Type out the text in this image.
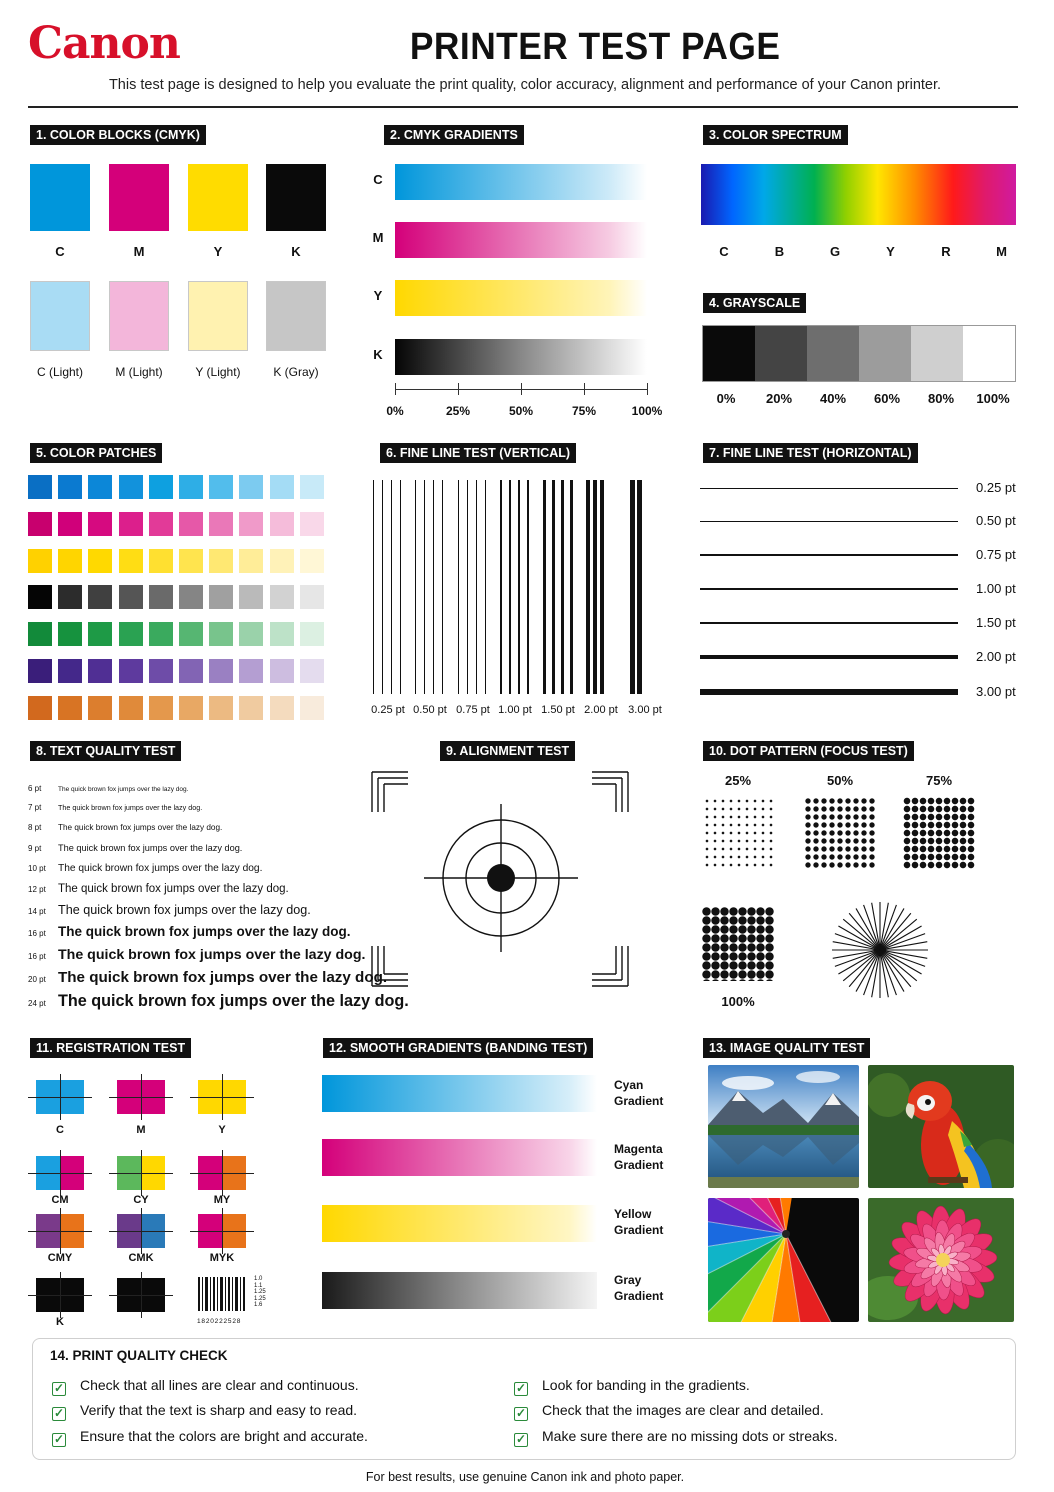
Canon	PRINTER TEST PAGE
This test page is designed to help you evaluate the print quality, color accuracy, alignment and performance of your Canon printer.
1. COLOR BLOCKS (CMYK)
C	M	Y	K
C (Light)	M (Light)	Y (Light)	K (Gray)
2. CMYK GRADIENTS
C
M
Y
K
0%	25%	50%	75%	100%
3. COLOR SPECTRUM
C	B	G	Y	R	M
4. GRAYSCALE
0%	20%	40%	60%	80%	100%
5. COLOR PATCHES	6. FINE LINE TEST (VERTICAL)
0.25 pt 0.50 pt 0.75 pt 1.00 pt 1.50 pt 2.00 pt 3.00 pt
7. FINE LINE TEST (HORIZONTAL)
0.25 pt
0.50 pt
0.75 pt
1.00 pt
1.50 pt
2.00 pt
3.00 pt
8. TEXT QUALITY TEST
6 pt	The quick brown fox jumps over the lazy dog.
7 pt The quick brown fox jumps over the lazy dog.
8 pt The quick brown fox jumps over the lazy dog.
9 pt The quick brown fox jumps over the lazy dog.
10 pt The quick brown fox jumps over the lazy dog.
12 pt The quick brown fox jumps over the lazy dog.
14 pt The quick brown fox jumps over the lazy dog.
16 pt The quick brown fox jumps over the lazy dog.
16 pt The quick brown fox jumps over the lazy dog.
20 pt The quick brown fox jumps over the lazy dog.
24 pt The quick brown fox jumps over the lazy dog.
9. ALIGNMENT TEST	10. DOT PATTERN (FOCUS TEST)
25%	50%	75%
100%
11. REGISTRATION TEST
C	M	Y
CM	CY	MY
CMY	CMK	MYK
K
1.0
1.1
1.25
1.25
1.6
1820222528
12. SMOOTH GRADIENTS (BANDING TEST)
Cyan
Gradient
Magenta
Gradient
Yellow
Gradient
Gray
Gradient
13. IMAGE QUALITY TEST
14. PRINT QUALITY CHECK
✓ Check that all lines are clear and continuous.
✓ Verify that the text is sharp and easy to read.
✓ Ensure that the colors are bright and accurate.
✓ Look for banding in the gradients.
✓ Check that the images are clear and detailed.
✓ Make sure there are no missing dots or streaks.
For best results, use genuine Canon ink and photo paper.
